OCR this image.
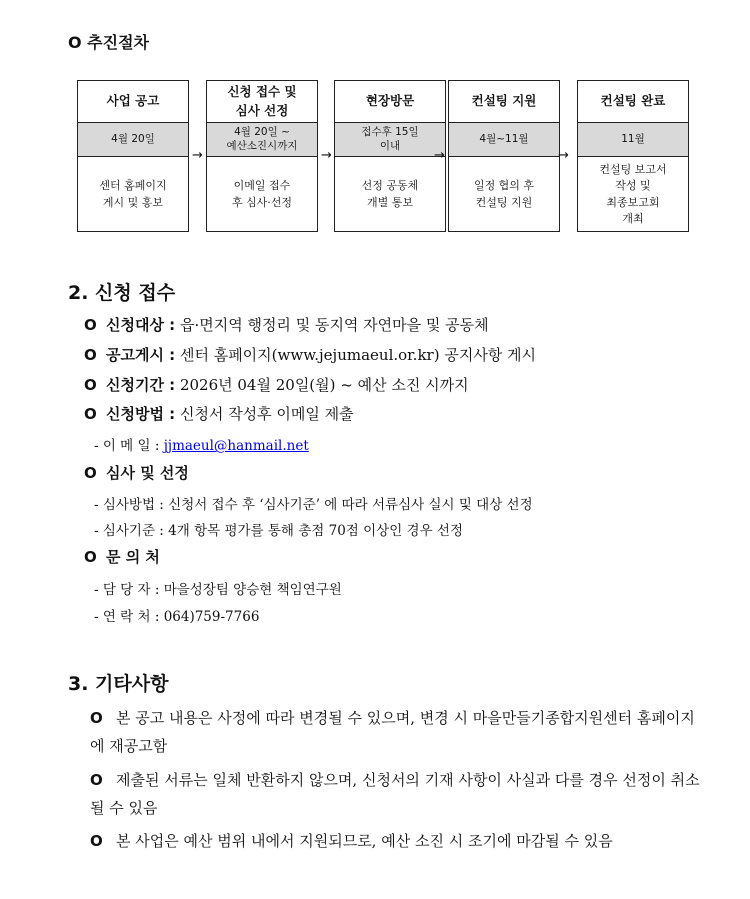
O 추진절차
사업 공고
4월 20일
센터 홈페이지
게시 및 홍보
→
신청 접수 및
심사 선정
4월 20일 ~
예산소진시까지
이메일 접수
후 심사·선정
→
현장방문
접수후 15일
이내
선정 공동체
개별 통보
→
컨설팅 지원
4월~11월
일정 협의 후
컨설팅 지원
→
컨설팅 완료
11월
컨설팅 보고서
작성 및
최종보고회
개최
2. 신청 접수
O 신청대상 : 읍·면지역 행정리 및 동지역 자연마을 및 공동체
O 공고게시 : 센터 홈페이지(www.jejumaeul.or.kr) 공지사항 게시
O 신청기간 : 2026년 04월 20일(월) ~ 예산 소진 시까지
O 신청방법 : 신청서 작성후 이메일 제출
- 이 메 일 : jjmaeul@hanmail.net
O 심사 및 선정
- 심사방법 : 신청서 접수 후 ‘심사기준’ 에 따라 서류심사 실시 및 대상 선정
- 심사기준 : 4개 항목 평가를 통해 총점 70점 이상인 경우 선정
O 문 의 처
- 담 당 자 : 마을성장팀 양승현 책임연구원
- 연 락 처 : 064)759-7766
3. 기타사항
O 본 공고 내용은 사정에 따라 변경될 수 있으며, 변경 시 마을만들기종합지원센터 홈페이지에 재공고함
O 제출된 서류는 일체 반환하지 않으며, 신청서의 기재 사항이 사실과 다를 경우 선정이 취소될 수 있음
O 본 사업은 예산 범위 내에서 지원되므로, 예산 소진 시 조기에 마감될 수 있음
